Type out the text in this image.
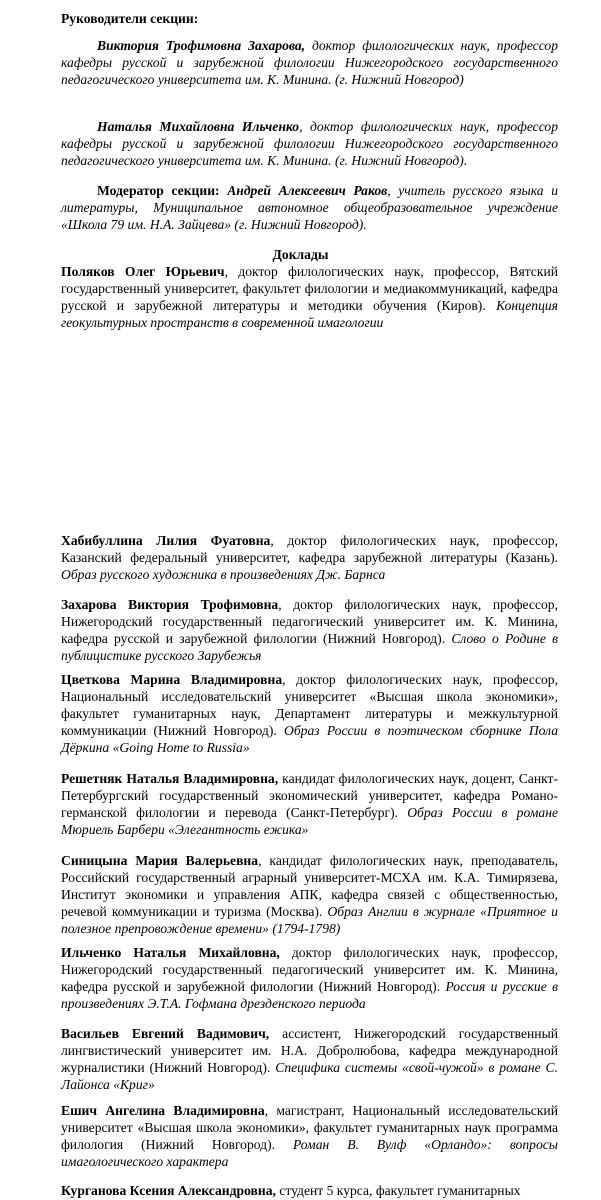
Руководители секции:

Виктория Трофимовна Захарова, доктор филологических наук, профессор кафедры русской и зарубежной филологии Нижегородского государственного педагогического университета им. К. Минина. (г. Нижний Новгород)

Наталья Михайловна Ильченко, доктор филологических наук, профессор кафедры русской и зарубежной филологии Нижегородского государственного педагогического университета им. К. Минина. (г. Нижний Новгород).

Модератор секции: Андрей Алексеевич Раков, учитель русского языка и литературы, Муниципальное автономное общеобразовательное учреждение «Школа 79 им. Н.А. Зайцева» (г. Нижний Новгород).

Доклады

Поляков Олег Юрьевич, доктор филологических наук, профессор, Вятский государственный университет, факультет филологии и медиакоммуникаций, кафедра русской и зарубежной литературы и методики обучения (Киров). Концепция геокультурных пространств в современной имагологии

Хабибуллина Лилия Фуатовна, доктор филологических наук, профессор, Казанский федеральный университет, кафедра зарубежной литературы (Казань). Образ русского художника в произведениях Дж. Барнса

Захарова Виктория Трофимовна, доктор филологических наук, профессор, Нижегородский государственный педагогический университет им. К. Минина, кафедра русской и зарубежной филологии (Нижний Новгород). Слово о Родине в публицистике русского Зарубежья

Цветкова Марина Владимировна, доктор филологических наук, профессор, Национальный исследовательский университет «Высшая школа экономики», факультет гуманитарных наук, Департамент литературы и межкультурной коммуникации (Нижний Новгород). Образ России в поэтическом сборнике Пола Дёркина «Going Home to Russia»

Решетняк Наталья Владимировна, кандидат филологических наук, доцент, Санкт-Петербургский государственный экономический университет, кафедра Романо-германской филологии и перевода (Санкт-Петербург). Образ России в романе Мюриель Барбери «Элегантность ежика»

Синицына Мария Валерьевна, кандидат филологических наук, преподаватель, Российский государственный аграрный университет-МСХА им. К.А. Тимирязева, Институт экономики и управления АПК, кафедра связей с общественностью, речевой коммуникации и туризма (Москва). Образ Англии в журнале «Приятное и полезное препровождение времени» (1794-1798)

Ильченко Наталья Михайловна, доктор филологических наук, профессор, Нижегородский государственный педагогический университет им. К. Минина, кафедра русской и зарубежной филологии (Нижний Новгород). Россия и русские в произведениях Э.Т.А. Гофмана дрезденского периода

Васильев Евгений Вадимович, ассистент, Нижегородский государственный лингвистический университет им. Н.А. Добролюбова, кафедра международной журналистики (Нижний Новгород). Специфика системы «свой-чужой» в романе С. Лайонса «Криг»

Ешич Ангелина Владимировна, магистрант, Национальный исследовательский университет «Высшая школа экономики», факультет гуманитарных наук программа филология (Нижний Новгород). Роман В. Вулф «Орландо»: вопросы имагологического характера

Курганова Ксения Александровна, студент 5 курса, факультет гуманитарных
